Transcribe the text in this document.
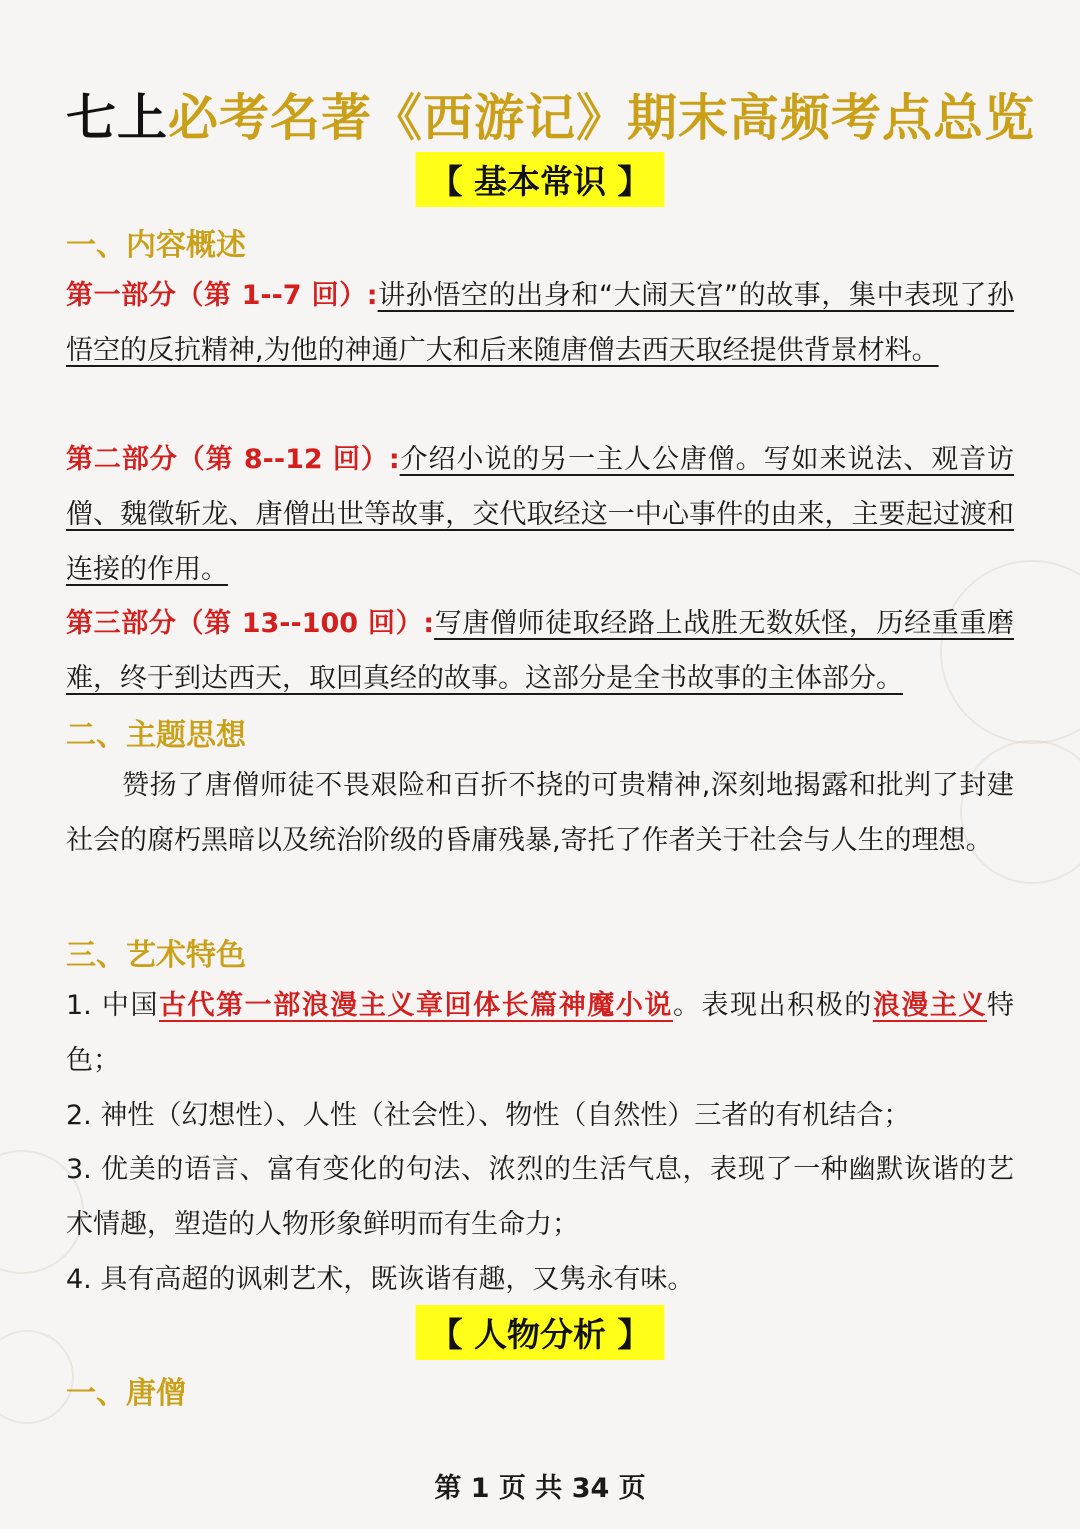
七上必考名著《西游记》期末高频考点总览
【 基本常识 】
一、内容概述
第一部分（第 1--7 回）:讲孙悟空的出身和“大闹天宫”的故事，集中表现了孙悟空的反抗精神,为他的神通广大和后来随唐僧去西天取经提供背景材料。
第二部分（第 8--12 回）:介绍小说的另一主人公唐僧。写如来说法、观音访僧、魏徵斩龙、唐僧出世等故事，交代取经这一中心事件的由来，主要起过渡和连接的作用。
第三部分（第 13--100 回）:写唐僧师徒取经路上战胜无数妖怪，历经重重磨难，终于到达西天，取回真经的故事。这部分是全书故事的主体部分。
二、主题思想
赞扬了唐僧师徒不畏艰险和百折不挠的可贵精神,深刻地揭露和批判了封建社会的腐朽黑暗以及统治阶级的昏庸残暴,寄托了作者关于社会与人生的理想。
三、艺术特色
1. 中国古代第一部浪漫主义章回体长篇神魔小说。表现出积极的浪漫主义特色；
2. 神性（幻想性）、人性（社会性）、物性（自然性）三者的有机结合；
3. 优美的语言、富有变化的句法、浓烈的生活气息，表现了一种幽默诙谐的艺术情趣，塑造的人物形象鲜明而有生命力；
4. 具有高超的讽刺艺术，既诙谐有趣，又隽永有味。
【 人物分析 】
一、唐僧
第 1 页 共 34 页
